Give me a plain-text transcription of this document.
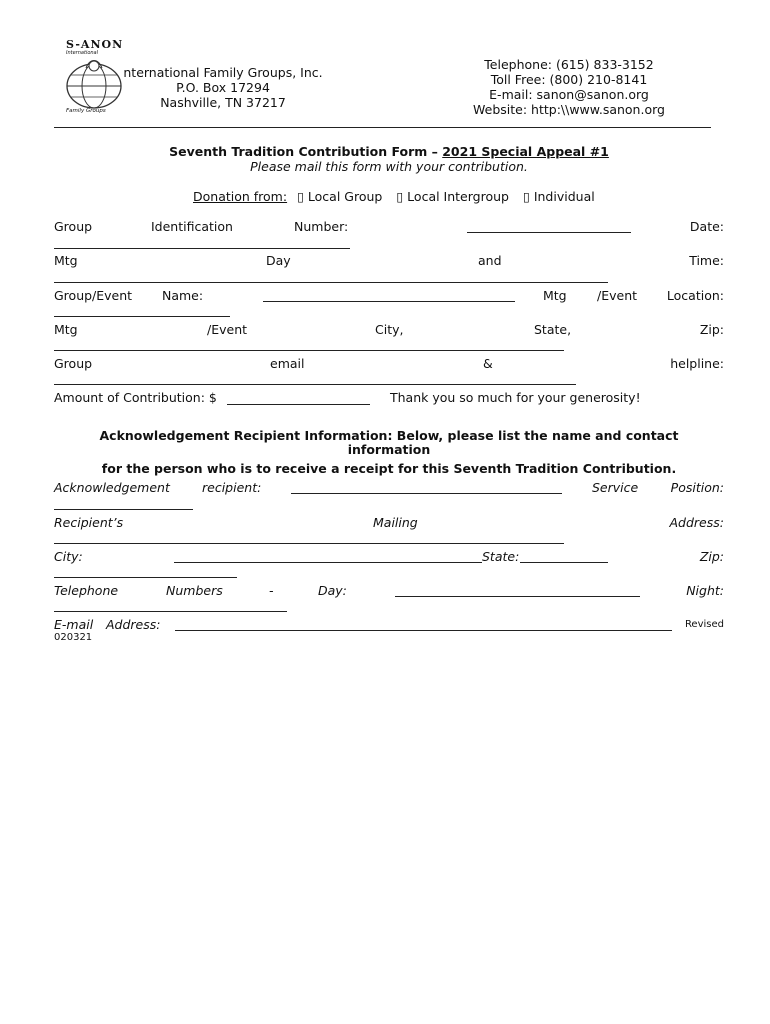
S-ANON
International
Family Groups
nternational Family Groups, Inc.
P.O. Box 17294
Nashville, TN 37217
Telephone: (615) 833-3152
Toll Free: (800) 210-8141
E-mail: sanon@sanon.org
Website: http:\\www.sanon.org
Seventh Tradition Contribution Form – 2021 Special Appeal #1
Please mail this form with your contribution.
Donation from: ▯ Local Group ▯ Local Intergroup ▯ Individual
Group	Identification	Number:	Date:
Mtg	Day	and	Time:
Group/Event Name:	Mtg /Event Location:
Mtg	/Event	City,	State,	Zip:
Group	email	&	helpline:
Amount of Contribution: $	Thank you so much for your generosity!
Acknowledgement Recipient Information: Below, please list the name and contact
information
for the person who is to receive a receipt for this Seventh Tradition Contribution.
Acknowledgement	recipient:	Service	Position:
Recipient’s	Mailing	Address:
City:	State:	Zip:
Telephone	Numbers	-	Day:	Night:
E-mail Address:	Revised
020321
